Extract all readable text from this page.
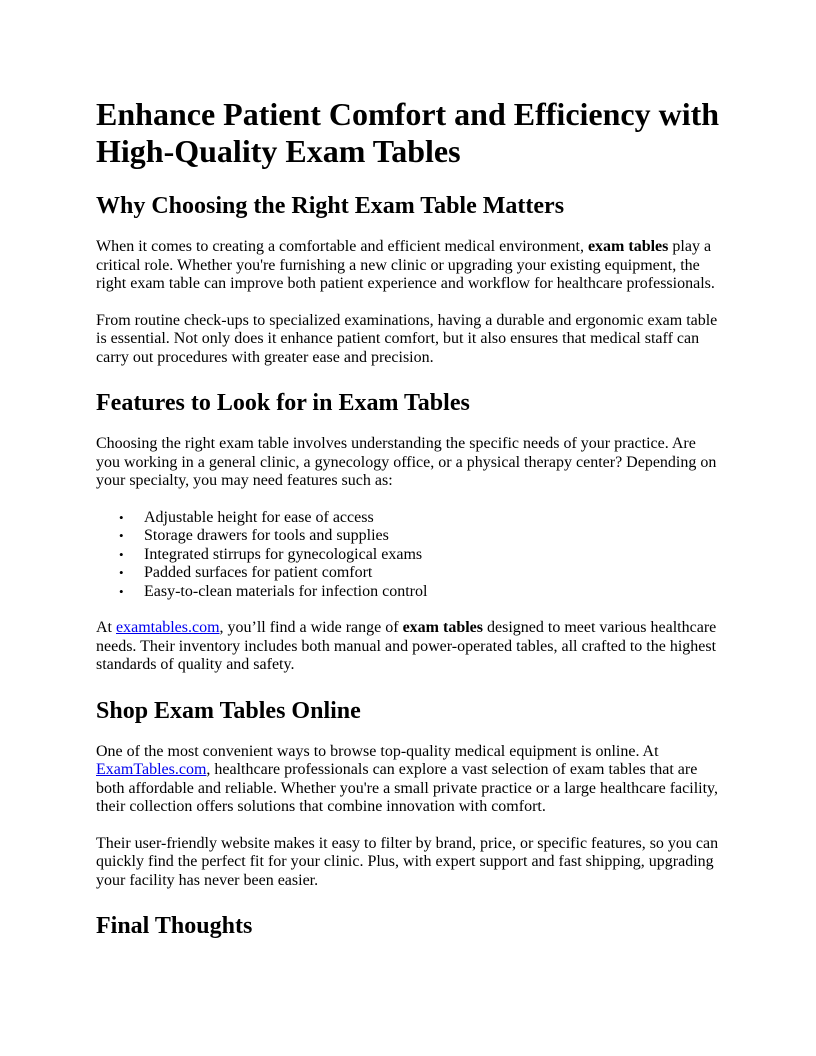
Enhance Patient Comfort and Efficiency with High-Quality Exam Tables
Why Choosing the Right Exam Table Matters

When it comes to creating a comfortable and efficient medical environment, exam tables play a critical role. Whether you're furnishing a new clinic or upgrading your existing equipment, the right exam table can improve both patient experience and workflow for healthcare professionals.

From routine check-ups to specialized examinations, having a durable and ergonomic exam table is essential. Not only does it enhance patient comfort, but it also ensures that medical staff can carry out procedures with greater ease and precision.

Features to Look for in Exam Tables

Choosing the right exam table involves understanding the specific needs of your practice. Are you working in a general clinic, a gynecology office, or a physical therapy center? Depending on your specialty, you may need features such as:

• Adjustable height for ease of access
• Storage drawers for tools and supplies
• Integrated stirrups for gynecological exams
• Padded surfaces for patient comfort
• Easy-to-clean materials for infection control

At examtables.com, you’ll find a wide range of exam tables designed to meet various healthcare needs. Their inventory includes both manual and power-operated tables, all crafted to the highest standards of quality and safety.

Shop Exam Tables Online

One of the most convenient ways to browse top-quality medical equipment is online. At ExamTables.com, healthcare professionals can explore a vast selection of exam tables that are both affordable and reliable. Whether you're a small private practice or a large healthcare facility, their collection offers solutions that combine innovation with comfort.

Their user-friendly website makes it easy to filter by brand, price, or specific features, so you can quickly find the perfect fit for your clinic. Plus, with expert support and fast shipping, upgrading your facility has never been easier.

Final Thoughts
